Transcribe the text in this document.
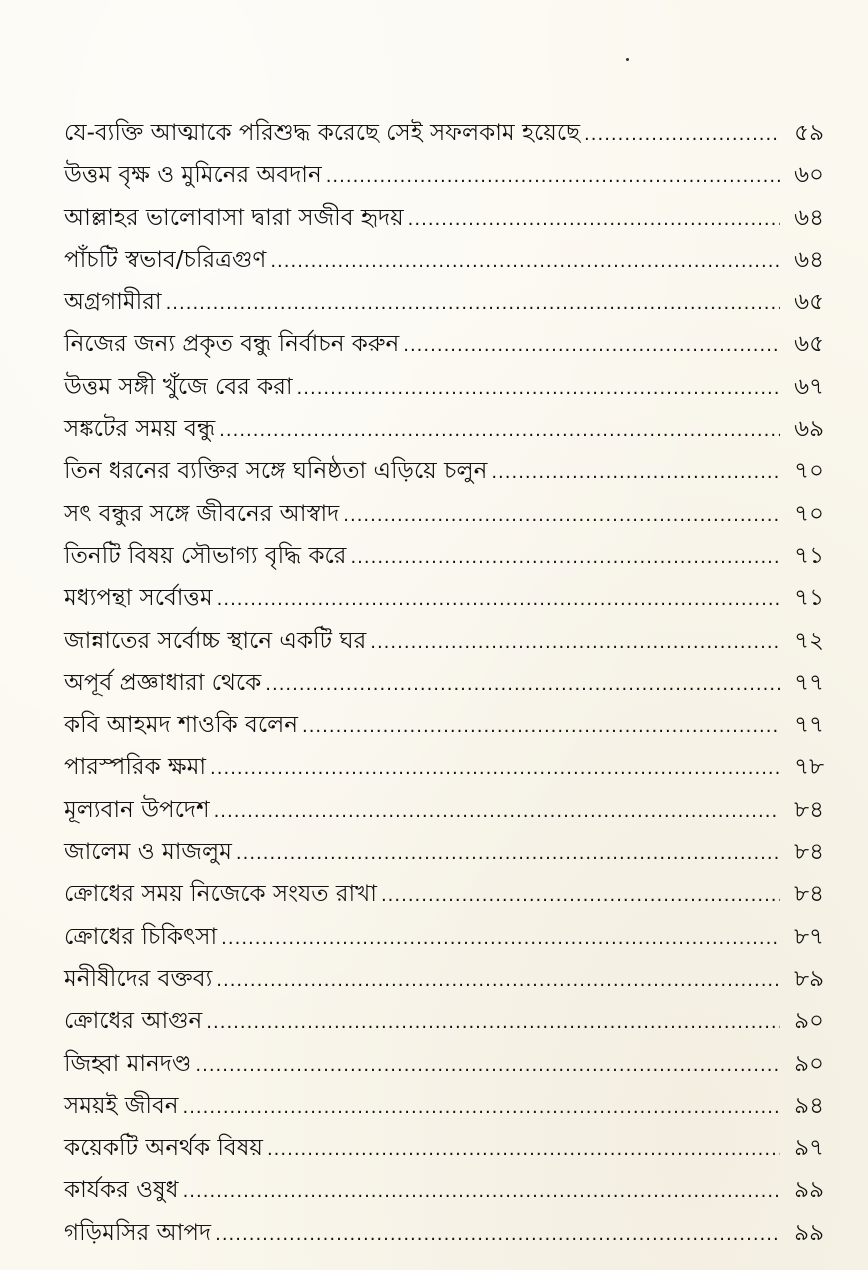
যে-ব্যক্তি আত্মাকে পরিশুদ্ধ করেছে সেই সফলকাম হয়েছে .....	৫৯
উত্তম বৃক্ষ ও মুমিনের অবদান .....	৬০
আল্লাহর ভালোবাসা দ্বারা সজীব হৃদয় .....	৬৪
পাঁচটি স্বভাব/চরিত্রগুণ .....	৬৪
অগ্রগামীরা .....	৬৫
নিজের জন্য প্রকৃত বন্ধু নির্বাচন করুন .....	৬৫
উত্তম সঙ্গী খুঁজে বের করা .....	৬৭
সঙ্কটের সময় বন্ধু .....	৬৯
তিন ধরনের ব্যক্তির সঙ্গে ঘনিষ্ঠতা এড়িয়ে চলুন .....	৭০
সৎ বন্ধুর সঙ্গে জীবনের আস্বাদ .....	৭০
তিনটি বিষয় সৌভাগ্য বৃদ্ধি করে .....	৭১
মধ্যপন্থা সর্বোত্তম .....	৭১
জান্নাতের সর্বোচ্চ স্থানে একটি ঘর .....	৭২
অপূর্ব প্রজ্ঞাধারা থেকে .....	৭৭
কবি আহমদ শাওকি বলেন .....	৭৭
পারস্পরিক ক্ষমা .....	৭৮
মূল্যবান উপদেশ .....	৮৪
জালেম ও মাজলুম .....	৮৪
ক্রোধের সময় নিজেকে সংযত রাখা .....	৮৪
ক্রোধের চিকিৎসা .....	৮৭
মনীষীদের বক্তব্য .....	৮৯
ক্রোধের আগুন .....	৯০
জিহ্বা মানদণ্ড .....	৯০
সময়ই জীবন .....	৯৪
কয়েকটি অনর্থক বিষয় .....	৯৭
কার্যকর ওষুধ .....	৯৯
গড়িমসির আপদ .....	৯৯
